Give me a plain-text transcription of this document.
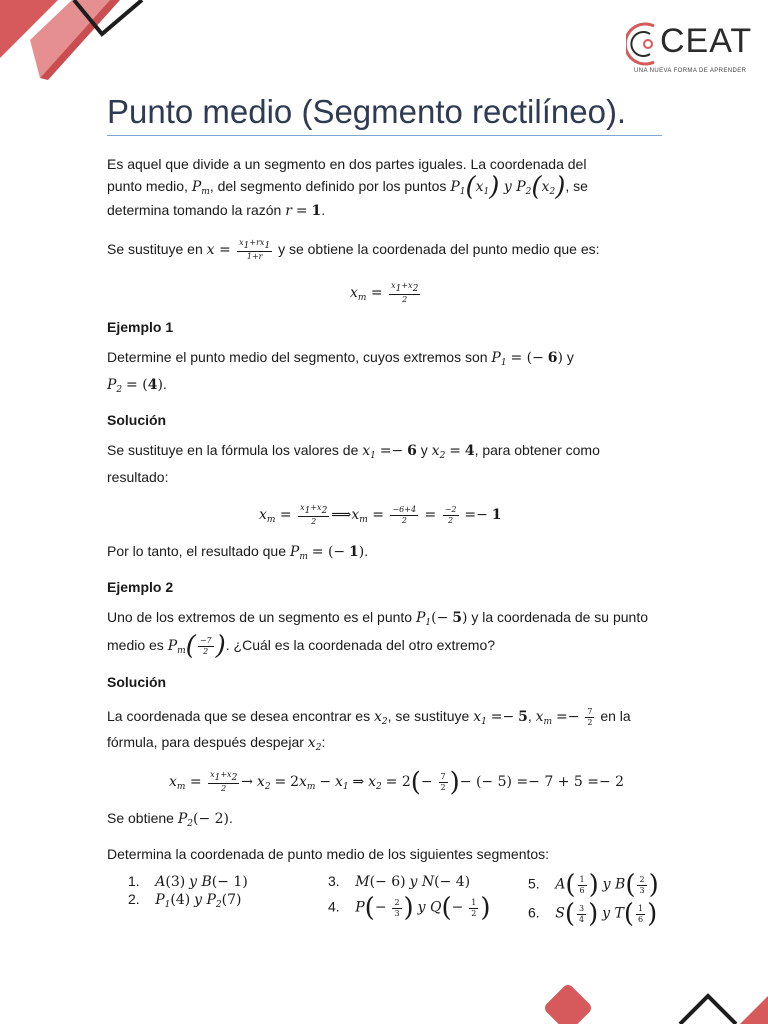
CEAT
UNA NUEVA FORMA DE APRENDER
Punto medio (Segmento rectilíneo).
Es aquel que divide a un segmento en dos partes iguales. La coordenada del
punto medio, $P_m$, del segmento definido por los puntos $P_1(x_1)$ y $P_2(x_2)$, se
determina tomando la razón r = 1.
Se sustituye en $x = \frac{x_1+rx_1}{1+r}$ y se obtiene la coordenada del punto medio que es:
$x_m = \frac{x_1+x_2}{2}$
Ejemplo 1
Determine el punto medio del segmento, cuyos extremos son $P_1$ = (− 6) y
$P_2 = (4)$.
Solución
Se sustituye en la fórmula los valores de $x_1 =- 6$ y $x_2 = 4$, para obtener como
resultado:
$x_m = \frac{x_1+x_2}{2}$ $⟹x_m = \frac{-6+4}{2} = \frac{-2}{2} =- 1$
Por lo tanto, el resultado que $P_m$ = (− 1).
Ejemplo 2
Uno de los extremos de un segmento es el punto $P_1(- 5)$ y la coordenada de su punto
medio es $P_m( \frac{-7}{2}$ ). ¿Cuál es la coordenada del otro extremo?
Solución
La coordenada que se desea encontrar es $x_2$, se sustituye $x_1 =- 5$, $x_m =- \frac{7}{2}$ en la
fórmula, para después despejar $x_2$:
$x_m = \frac{x_1+x_2}{2} \to x_2 = 2x_m - x_1$ ⇒ $x_2 = 2(- \frac{7}{2}$ )− (− 5) =− 7 + 5 =− 2
Se obtiene $P_2(- 2)$.
Determina la coordenada de punto medio de los siguientes segmentos:
1. A(3) y B(− 1)
2. $P_1(4)$ y $P_2(7)$
3. M(− 6) y N(− 4)
4. $P(- \frac{2}{3}$ ) y $Q(- \frac{1}{2}$ )
5. $A( \frac{1}{6}$ ) y $B( \frac{2}{3}$ )
6. $S( \frac{3}{4}$ ) y $T( \frac{1}{6}$ )
